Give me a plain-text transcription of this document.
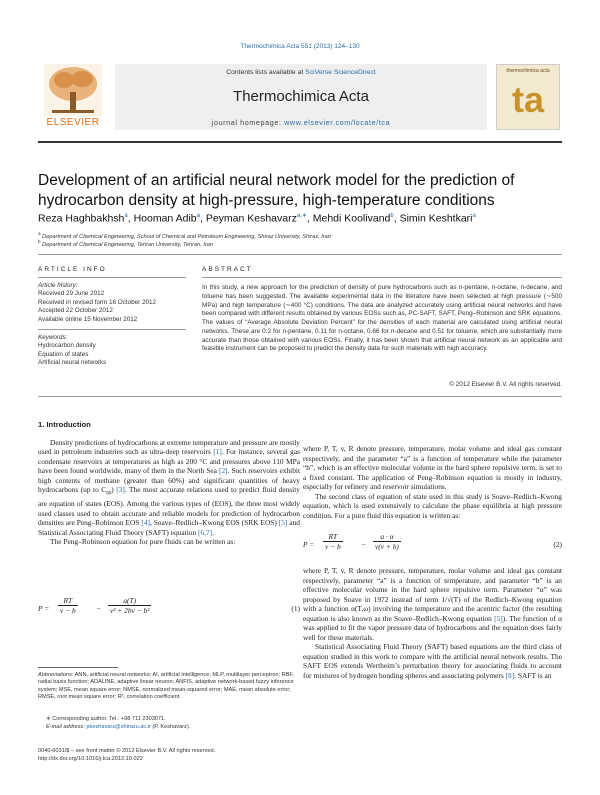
Thermochimica Acta 551 (2013) 124–130
ELSEVIER
Contents lists available at SciVerse ScienceDirect
Thermochimica Acta
journal homepage: www.elsevier.com/locate/tca
thermochimica acta
ta
Development of an artificial neural network model for the prediction of hydrocarbon density at high-pressure, high-temperature conditions
Reza Haghbakhsh$^a$, Hooman Adib$^a$, Peyman Keshavarz$^{a,∗}$, Mehdi Koolivand$^b$, Simin Keshtkari$^a$
$^a$ Department of Chemical Engineering, School of Chemical and Petroleum Engineering, Shiraz University, Shiraz, Iran
$^b$ Department of Chemical Engineering, Tehran University, Tehran, Iran
ARTICLE INFO
Article history:
Received 29 June 2012
Received in revised form 16 October 2012
Accepted 22 October 2012
Available online 15 November 2012
Keywords:
Hydrocarbon density
Equation of states
Artificial neural networks
ABSTRACT
In this study, a new approach for the prediction of density of pure hydrocarbons such as n-pentane, n-octane, n-decane, and toluene has been suggested. The available experimental data in the literature have been selected at high pressure (∼500 MPa) and high temperature (∼400 °C) conditions. The data are analyzed accurately using artificial neural networks and have been compared with different results obtained by various EOSs such as, PC-SAFT, SAFT, Peng–Robinson and SRK equations. The values of “Average Absolute Deviation Percent” for the densities of each material are calculated using artificial neural networks. These are 0.2 for n-pentane, 0.11 for n-octane, 0.66 for n-decane and 0.51 for toluene, which are substantially more accurate than those obtained with various EOSs. Finally, it has been shown that artificial neural network as an applicable and feasible instrument can be proposed to predict the density data for such materials with high accuracy.
© 2012 Elsevier B.V. All rights reserved.

1. Introduction

Density predictions of hydrocarbons at extreme temperature and pressure are mostly used in petroleum industries such as ultra-deep reservoirs [1]. For instance, several gas condensate reservoirs at temperatures as high as 200 °C and pressures above 110 MPa have been found worldwide, many of them in the North Sea [2]. Such reservoirs exhibit high contents of methane (greater than 60%) and significant quantities of heavy hydrocarbons (up to $C_{80}$) [3]. The most accurate relations used to predict fluid density are equation of states (EOS). Among the various types of (EOS), the three most widely used classes used to obtain accurate and reliable models for prediction of hydrocarbon densities are Peng–Robinson EOS [4], Soave–Redlich–Kwong EOS (SRK EOS) [5] and Statistical Associating Fluid Theory (SAFT) equation [6,7].

The Peng–Robinson equation for pure fluids can be written as:

$P = \frac{RT}{v - b} - \frac{a(T)}{\text{v² + 2bv − b²}}$	(1)
Abbreviations: ANN, artificial neural networks; AI, artificial intelligence; MLP, multilayer perceptron; RBF, radial basis function; ADALINE, adaptive linear neuron; ANFIS, adaptive network-based fuzzy inference system; MSE, mean square error; NMSE, normalized mean-squared error; MAE, mean absolute error; RMSE, root mean square error; R², correlation coefficient.
∗ Corresponding author. Tel.: +98 711 2303071.
E-mail address: pkeshavarz@shirazu.ac.ir (P. Keshavarz).
0040-6031/$ – see front matter © 2012 Elsevier B.V. All rights reserved.
http://dx.doi.org/10.1016/j.tca.2012.10.022

where P, T, v, R denote pressure, temperature, molar volume and ideal gas constant respectively, and the parameter “a” is a function of temperature while the parameter “b”, which is an effective molecular volume in the hard sphere repulsive term, is set to a fixed constant. The application of Peng–Robinson equation is mostly in industry, especially for refinery and reservoir simulations.

The second class of equation of state used in this study is Soave–Redlich–Kwong equation, which is used extensively to calculate the phase equilibria at high pressure condition. For a pure fluid this equation is written as:

$P = \frac{RT}{v - b} - \frac{a \cdot \alpha}{v(v + b)}$	(2)

where P, T, v, R denote pressure, temperature, molar volume and ideal gas constant respectively, parameter “a” is a function of temperature, and parameter “b” is an effective molecular volume in the hard sphere repulsive term. Parameter “α” was proposed by Soave in 1972 instead of term 1/√(T) of the Redlich–Kwong equation with a function α(T,ω) involving the temperature and the acentric factor (the resulting equation is also known as the Soave–Redlich–Kwong equation [5]). The function of α was applied to fit the vapor pressure data of hydrocarbons and the equation does fairly well for these materials.

Statistical Associating Fluid Theory (SAFT) based equations are the third class of equation studied in this work to compare with the artificial neural network results. The SAFT EOS extends Wertheim’s perturbation theory for associating fluids to account for mixtures of hydrogen bonding spheres and associating polymers [8]. SAFT is an
